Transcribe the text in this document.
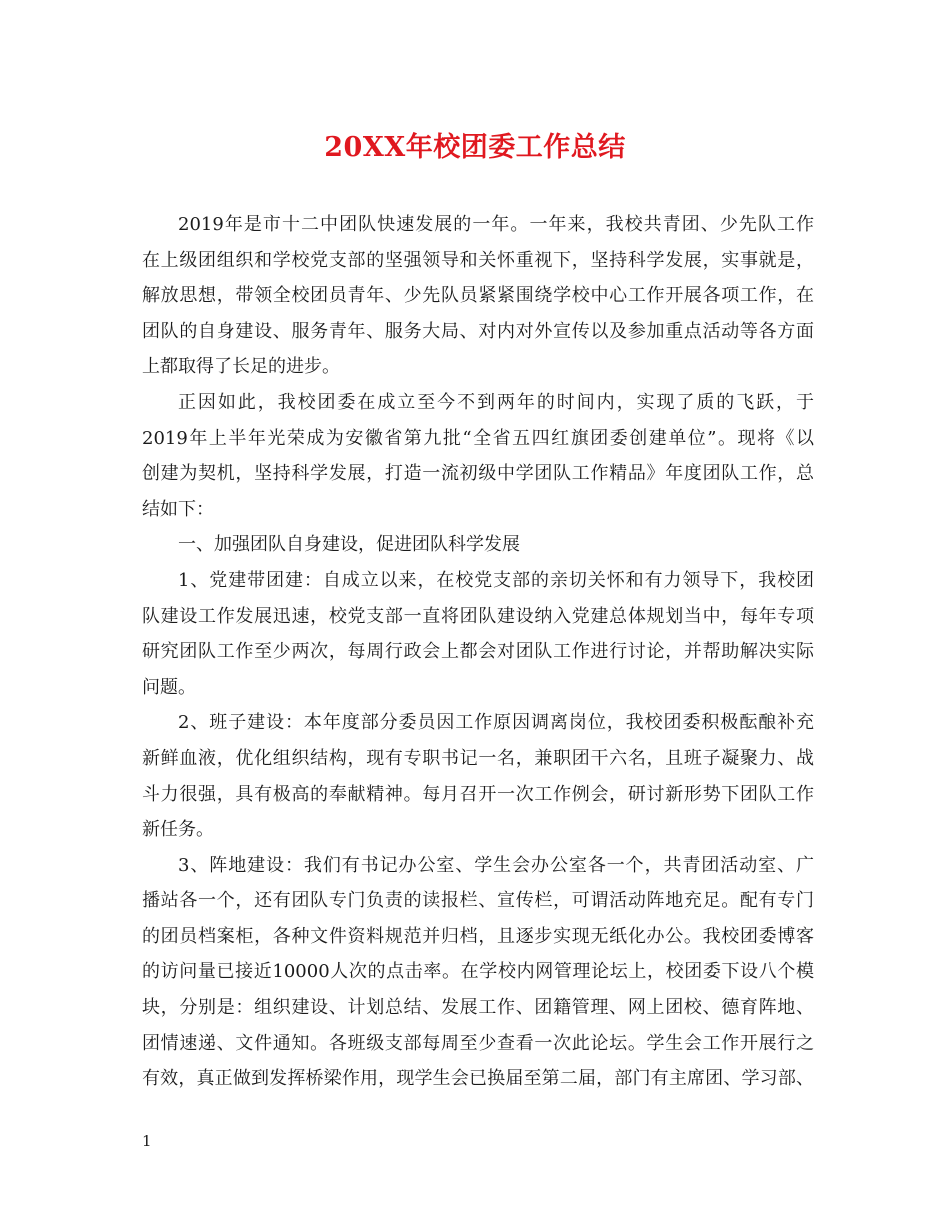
20XX年校团委工作总结
2019年是市十二中团队快速发展的一年。一年来，我校共青团、少先队工作
在上级团组织和学校党支部的坚强领导和关怀重视下，坚持科学发展，实事就是，
解放思想，带领全校团员青年、少先队员紧紧围绕学校中心工作开展各项工作，在
团队的自身建设、服务青年、服务大局、对内对外宣传以及参加重点活动等各方面
上都取得了长足的进步。
正因如此，我校团委在成立至今不到两年的时间内，实现了质的飞跃，于
2019年上半年光荣成为安徽省第九批“全省五四红旗团委创建单位”。现将《以
创建为契机，坚持科学发展，打造一流初级中学团队工作精品》年度团队工作，总
结如下：
一、加强团队自身建设，促进团队科学发展
1、党建带团建：自成立以来，在校党支部的亲切关怀和有力领导下，我校团
队建设工作发展迅速，校党支部一直将团队建设纳入党建总体规划当中，每年专项
研究团队工作至少两次，每周行政会上都会对团队工作进行讨论，并帮助解决实际
问题。
2、班子建设：本年度部分委员因工作原因调离岗位，我校团委积极酝酿补充
新鲜血液，优化组织结构，现有专职书记一名，兼职团干六名，且班子凝聚力、战
斗力很强，具有极高的奉献精神。每月召开一次工作例会，研讨新形势下团队工作
新任务。
3、阵地建设：我们有书记办公室、学生会办公室各一个，共青团活动室、广
播站各一个，还有团队专门负责的读报栏、宣传栏，可谓活动阵地充足。配有专门
的团员档案柜，各种文件资料规范并归档，且逐步实现无纸化办公。我校团委博客
的访问量已接近10000人次的点击率。在学校内网管理论坛上，校团委下设八个模
块，分别是：组织建设、计划总结、发展工作、团籍管理、网上团校、德育阵地、
团情速递、文件通知。各班级支部每周至少查看一次此论坛。学生会工作开展行之
有效，真正做到发挥桥梁作用，现学生会已换届至第二届，部门有主席团、学习部、
1
